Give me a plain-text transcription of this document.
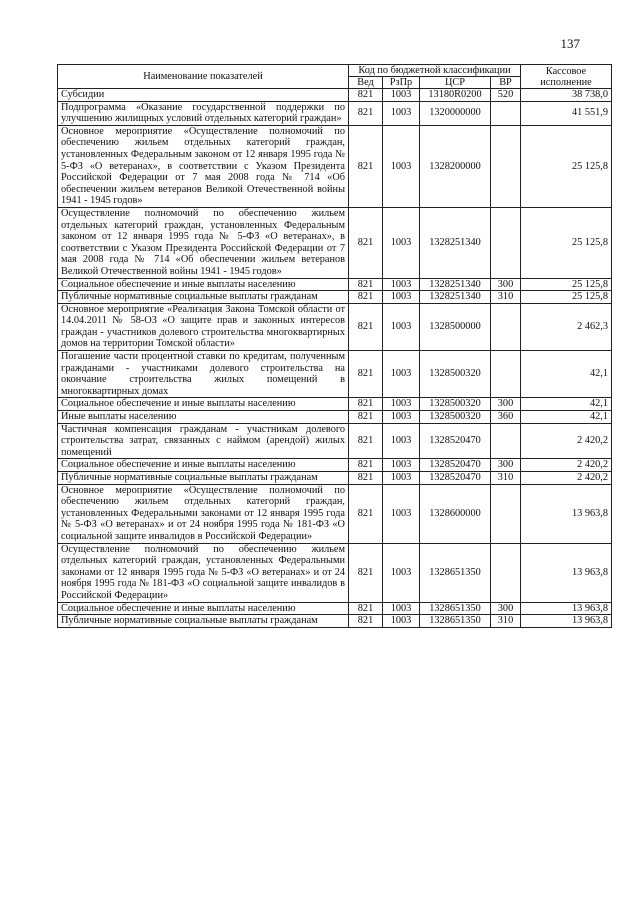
137
Наименование показателей	Код по бюджетной классификации				Кассовое исполнение
	Вед	РзПр	ЦСР	ВР	
Субсидии	821	1003	13180R0200	520	38 738,0
Подпрограмма «Оказание государственной поддержки по улучшению жилищных условий отдельных категорий граждан»	821	1003	1320000000		41 551,9
Основное мероприятие «Осуществление полномочий по обеспечению жильем отдельных категорий граждан, установленных Федеральным законом от 12 января 1995 года № 5-ФЗ «О ветеранах», в соответствии с Указом Президента Российской Федерации от 7 мая 2008 года № 714 «Об обеспечении жильем ветеранов Великой Отечественной войны 1941 - 1945 годов»	821	1003	1328200000		25 125,8
Осуществление полномочий по обеспечению жильем отдельных категорий граждан, установленных Федеральным законом от 12 января 1995 года № 5-ФЗ «О ветеранах», в соответствии с Указом Президента Российской Федерации от 7 мая 2008 года № 714 «Об обеспечении жильем ветеранов Великой Отечественной войны 1941 - 1945 годов»	821	1003	1328251340		25 125,8
Социальное обеспечение и иные выплаты населению	821	1003	1328251340	300	25 125,8
Публичные нормативные социальные выплаты гражданам	821	1003	1328251340	310	25 125,8
Основное мероприятие «Реализация Закона Томской области от 14.04.2011 № 58-ОЗ «О защите прав и законных интересов граждан - участников долевого строительства многоквартирных домов на территории Томской области»	821	1003	1328500000		2 462,3
Погашение части процентной ставки по кредитам, полученным гражданами - участниками долевого строительства на окончание строительства жилых помещений в многоквартирных домах	821	1003	1328500320		42,1
Социальное обеспечение и иные выплаты населению	821	1003	1328500320	300	42,1
Иные выплаты населению	821	1003	1328500320	360	42,1
Частичная компенсация гражданам - участникам долевого строительства затрат, связанных с наймом (арендой) жилых помещений	821	1003	1328520470		2 420,2
Социальное обеспечение и иные выплаты населению	821	1003	1328520470	300	2 420,2
Публичные нормативные социальные выплаты гражданам	821	1003	1328520470	310	2 420,2
Основное мероприятие «Осуществление полномочий по обеспечению жильем отдельных категорий граждан, установленных Федеральными законами от 12 января 1995 года № 5-ФЗ «О ветеранах» и от 24 ноября 1995 года № 181-ФЗ «О социальной защите инвалидов в Российской Федерации»	821	1003	1328600000		13 963,8
Осуществление полномочий по обеспечению жильем отдельных категорий граждан, установленных Федеральными законами от 12 января 1995 года № 5-ФЗ «О ветеранах» и от 24 ноября 1995 года № 181-ФЗ «О социальной защите инвалидов в Российской Федерации»	821	1003	1328651350		13 963,8
Социальное обеспечение и иные выплаты населению	821	1003	1328651350	300	13 963,8
Публичные нормативные социальные выплаты гражданам	821	1003	1328651350	310	13 963,8
